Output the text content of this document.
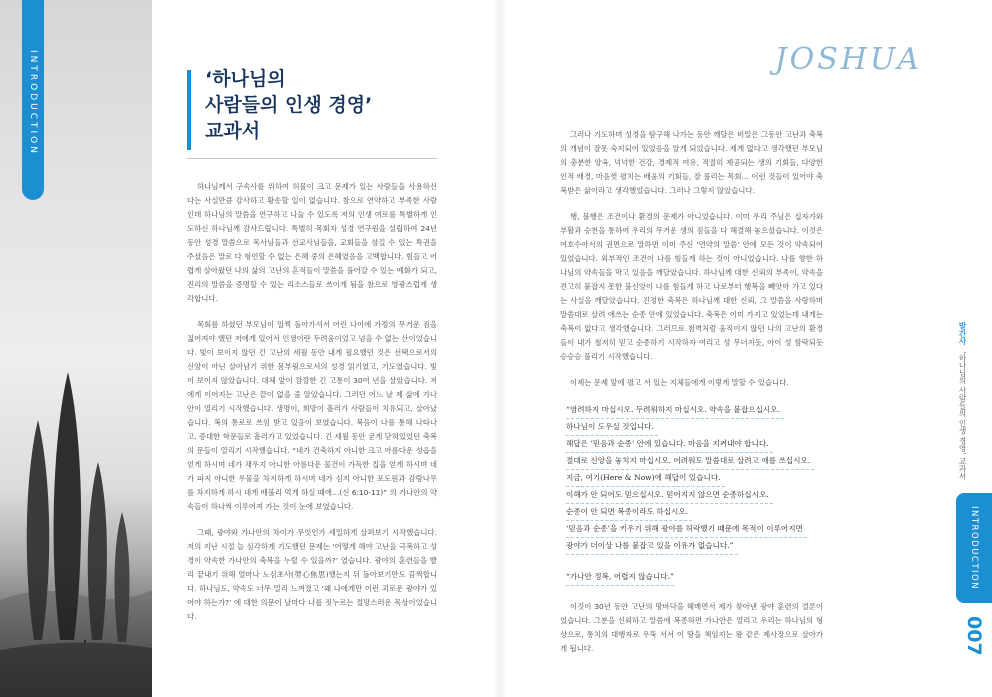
INTRODUCTION	‘하나님의
사람들의 인생 경영’
교과서

하나님께서 구속사를 위하여 허물이 크고 문제가 있는 사람들을 사용하신다는 사실만큼 감사하고 황송할 일이 없습니다. 참으로 연약하고 부족한 사람인데 하나님의 말씀을 연구하고 나눌 수 있도록 저의 인생 여로를 특별하게 인도하신 하나님께 감사드립니다. 특별히 목회자 성경 연구원을 설립하여 24년 동안 성경 말씀으로 목사님들과 선교사님들을, 교회들을 섬길 수 있는 특권을 주셨음은 말로 다 형언할 수 없는 은혜 중의 은혜였음을 고백합니다. 힘들고 어렵게 살아왔던 나의 삶의 고난의 흔적들이 말씀을 풀어갈 수 있는 예화가 되고, 진리의 말씀을 증명할 수 있는 리소스들로 쓰이게 됨을 참으로 영광스럽게 생각합니다.

목회를 하셨던 부모님이 일찍 돌아가셔서 어린 나이에 가정의 무거운 짐을 짊어져야 했던 저에게 있어서 인생이란 두려움이었고 넘을 수 없는 산이었습니다. 빛이 보이지 않던 긴 고난의 세월 동안 내게 필요했던 것은 선택으로서의 신앙이 아닌 살아남기 위한 몸부림으로서의 성경 읽기였고, 기도였습니다. 빛이 보이지 않았습니다. 대체 앞이 깜깜한 긴 고통이 30여 년을 살았습니다. 저에게 이어지는 고난은 끝이 없을 줄 알았습니다. 그러던 어느 날 제 삶에 가나안이 열리기 시작했습니다. 생명이, 희망이 흘러가 사람들이 치유되고, 살아났습니다. 복의 통로로 쓰임 받고 있음이 보였습니다. 복음이 나를 통해 나타나고, 증대한 학문들로 흘러가고 있었습니다. 긴 세월 동안 굳게 닫혀있었던 축복의 문들이 열리기 시작했습니다. “네가 건축하지 아니한 크고 아름다운 성읍을 얻게 하시며 네가 채우지 아니한 아름다운 물건이 가득한 집을 얻게 하시며 네가 파지 아니한 우물을 차지하게 하시며 네가 심지 아니한 포도원과 감람나무를 차지하게 하시 네게 배불리 먹게 하실 때에…(신 6:10-11)” 의 가나안의 약속들이 하나씩 이루어져 가는 것이 눈에 보였습니다.

그때, 광야와 가나안의 차이가 무엇인가 세밀하게 살펴보기 시작했습니다. 저의 지난 시절 늘 심각하게 기도했던 문제는 ‘어떻게 해야 고난을 극복하고 성경이 약속한 가나안의 축복을 누릴 수 있을까?’ 였습니다. 광야의 훈련들을 빨리 끝내기 위해 얼마나 노심초사(勞心焦思)했는지 뒤 돌아보기만도 끔찍합니다. 하나님도, 약속도 너무 멀리 느껴졌고 ‘왜 나에게만 이런 괴로운 광야가 있어야 하는가?’ 에 대한 의문이 날마다 나를 짓누르는 절망스러운 목상이었습니다.

JOSHUA

그러나 기도하며 성경을 탐구해 나가는 동안 깨달은 비밀은 그동안 고난과 축복의 개념이 잘못 숙지되어 있었음을 알게 되었습니다. 제게 없다고 생각했던 부모님의 충분한 양육, 넉넉한 건강, 경제적 여유, 적절히 제공되는 생의 기회들, 다양한 인적 배경, 마음껏 펼치는 배움의 기회들, 잘 풀리는 목회… 이런 것들이 있어야 축복받은 삶이라고 생각했었습니다. 그러나 그렇지 않았습니다.

행, 불행은 조건이나 환경의 문제가 아니었습니다. 이미 우리 주님은 십자가와 부활과 승천을 통하여 우리의 무거운 생의 짐들을 다 해결해 놓으셨습니다. 이것은 여호수아서의 권면으로 말하면 이미 주신 ‘언약의 말씀’ 안에 모든 것이 약속되어 있었습니다. 외부적인 조건이 나를 힘들게 하는 것이 아니었습니다. 나를 향한 하나님의 약속들을 막고 있음을 깨달았습니다. 하나님께 대한 신뢰의 부족이, 약속을 견고히 붙잡지 못한 불신앙이 나를 힘들게 하고 나로부터 행복을 빼앗아 가고 있다는 사실을 깨달았습니다. 진정한 축복은 하나님께 대한 신뢰, 그 말씀을 사랑하며 말씀대로 살려 애쓰는 순종 안에 있었습니다. 축복은 이미 가지고 있었는데 내게는 축복이 없다고 생각했습니다. 그러므로 첨벽처럼 움직이지 않던 나의 고난의 환경들이 내가 철저히 믿고 순종하기 시작하자 여리고 성 무너지듯, 아이 성 함락되듯 승승승 풀리기 시작했습니다.

이제는 문제 앞에 펼고 서 있는 지체들에게 이렇게 말할 수 있습니다.

“염려하지 마십시오. 두려워하지 마십시오. 약속을 붙잡으십시오.
하나님이 도우실 것입니다.
해답은 ‘믿음과 순종’ 안에 있습니다. 마음을 지켜내야 합니다.
절대로 신앙을 놓치지 마십시오. 어려워도 말씀대로 살려고 애를 쓰십시오.
지금, 여기(Here & Now)에 해답이 있습니다.
이해가 안 되어도 믿으십시오. 믿어지지 않으면 순종하십시오.
순종이 안 되면 복종이라도 하십시오.
‘믿음과 순종’을 키우기 위해 광야를 허락했기 때문에 목적이 이루어지면
광야가 더이상 나를 붙잡고 있을 이유가 없습니다.”
“가나안 정복, 어렵지 않습니다.”

이것이 30년 동안 고난의 땅바닥을 헤매면서 제가 찾아낸 광야 훈련의 결론이었습니다. 그분을 신뢰하고 말씀에 복종하면 가나안은 열리고 우리는 하나님의 형상으로, 통치의 대행자로 우뚝 서서 이 땅을 책임지는 왕 같은 제사장으로 살아가게 됩니다.

발간사 ‘하나님의 사람들의 인생 경영’ 교과서
INTRODUCTION
007
